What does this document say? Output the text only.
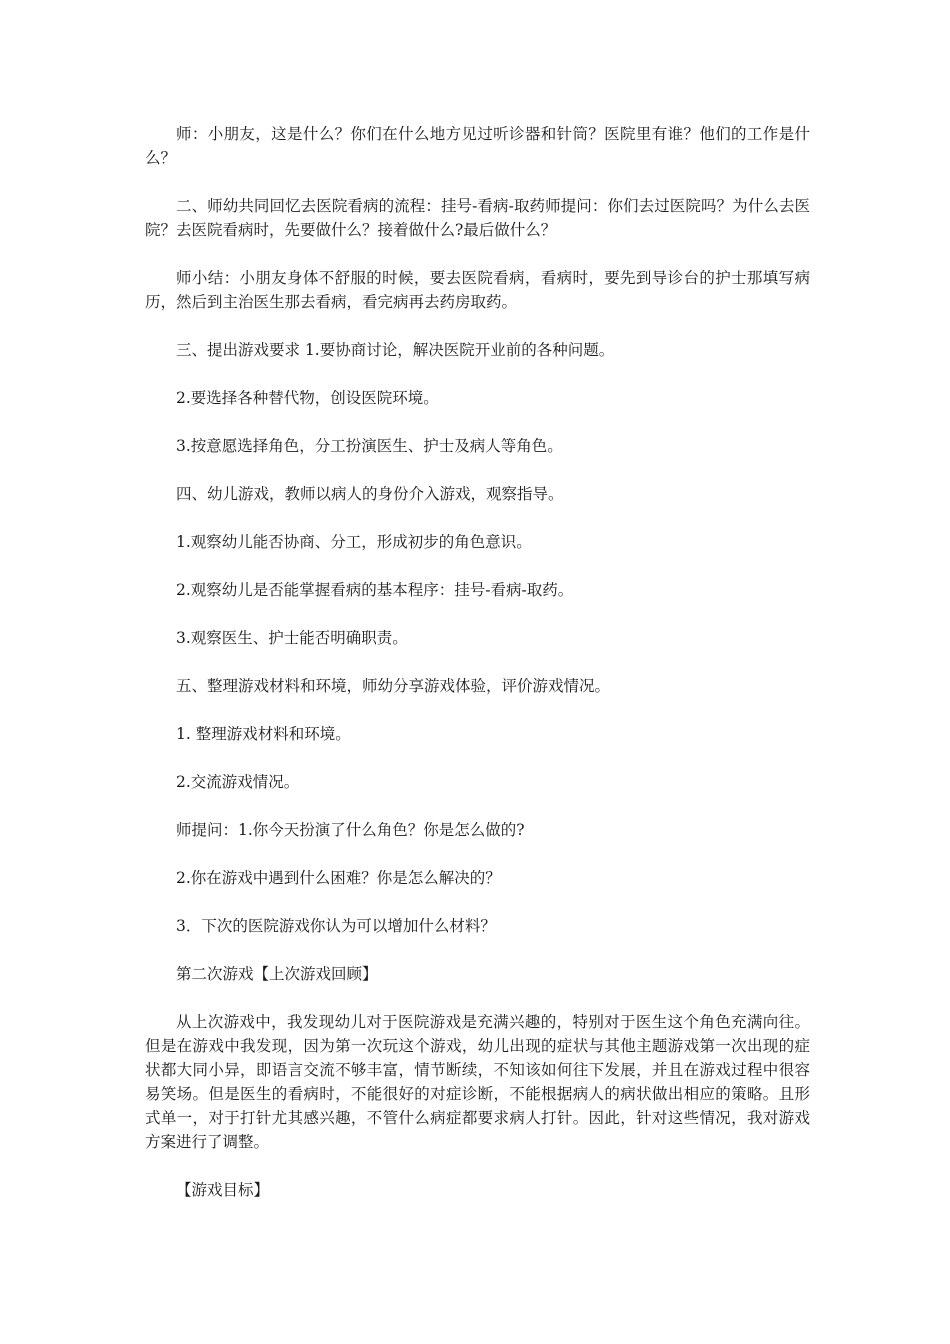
师：小朋友，这是什么？你们在什么地方见过听诊器和针筒？医院里有谁？他们的工作是什么？

二、师幼共同回忆去医院看病的流程：挂号-看病-取药师提问：你们去过医院吗？为什么去医院？去医院看病时，先要做什么？接着做什么?最后做什么？

师小结：小朋友身体不舒服的时候，要去医院看病，看病时，要先到导诊台的护士那填写病历，然后到主治医生那去看病，看完病再去药房取药。

三、提出游戏要求 1.要协商讨论，解决医院开业前的各种问题。

2.要选择各种替代物，创设医院环境。

3.按意愿选择角色，分工扮演医生、护士及病人等角色。

四、幼儿游戏，教师以病人的身份介入游戏，观察指导。

1.观察幼儿能否协商、分工，形成初步的角色意识。

2.观察幼儿是否能掌握看病的基本程序：挂号-看病-取药。

3.观察医生、护士能否明确职责。

五、整理游戏材料和环境，师幼分享游戏体验，评价游戏情况。

1. 整理游戏材料和环境。

2.交流游戏情况。

师提问：1.你今天扮演了什么角色？你是怎么做的?

2.你在游戏中遇到什么困难？你是怎么解决的？

3．下次的医院游戏你认为可以增加什么材料？

第二次游戏【上次游戏回顾】

从上次游戏中，我发现幼儿对于医院游戏是充满兴趣的，特别对于医生这个角色充满向往。但是在游戏中我发现，因为第一次玩这个游戏，幼儿出现的症状与其他主题游戏第一次出现的症状都大同小异，即语言交流不够丰富，情节断续，不知该如何往下发展，并且在游戏过程中很容易笑场。但是医生的看病时，不能很好的对症诊断，不能根据病人的病状做出相应的策略。且形式单一，对于打针尤其感兴趣，不管什么病症都要求病人打针。因此，针对这些情况，我对游戏方案进行了调整。

【游戏目标】
